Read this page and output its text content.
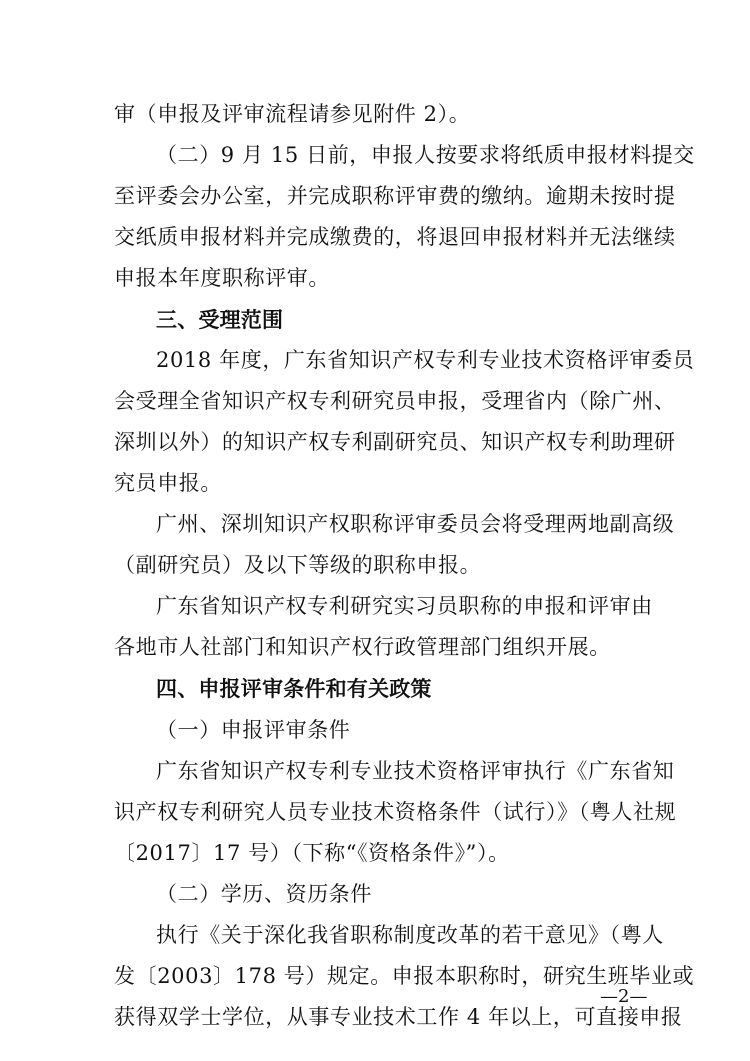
审（申报及评审流程请参见附件 2）。
（二）9 月 15 日前，申报人按要求将纸质申报材料提交
至评委会办公室，并完成职称评审费的缴纳。逾期未按时提
交纸质申报材料并完成缴费的，将退回申报材料并无法继续
申报本年度职称评审。
三、受理范围
2018 年度，广东省知识产权专利专业技术资格评审委员
会受理全省知识产权专利研究员申报，受理省内（除广州、
深圳以外）的知识产权专利副研究员、知识产权专利助理研
究员申报。
广州、深圳知识产权职称评审委员会将受理两地副高级
（副研究员）及以下等级的职称申报。
广东省知识产权专利研究实习员职称的申报和评审由
各地市人社部门和知识产权行政管理部门组织开展。
四、申报评审条件和有关政策
（一）申报评审条件
广东省知识产权专利专业技术资格评审执行《广东省知
识产权专利研究人员专业技术资格条件（试行）》（粤人社规
〔2017〕17 号）（下称“《资格条件》”）。
（二）学历、资历条件
执行《关于深化我省职称制度改革的若干意见》（粤人
发〔2003〕178 号）规定。申报本职称时，研究生班毕业或
获得双学士学位，从事专业技术工作 4 年以上，可直接申报
—2—
